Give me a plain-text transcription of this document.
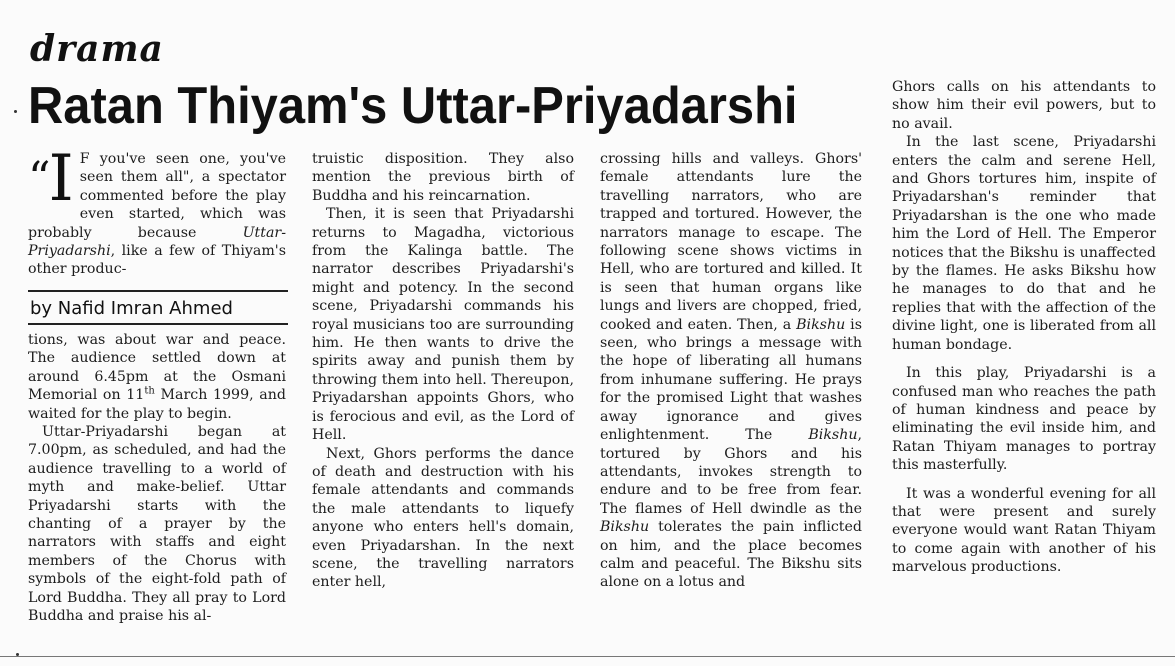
drama
Ratan Thiyam's Uttar-Priyadarshi
“I F you've seen one, you've seen them all", a spectator commented before the play even started, which was probably because Uttar-Priyadarshi, like a few of Thiyam's other produc-
by Nafid Imran Ahmed

tions, was about war and peace. The audience settled down at around 6.45pm at the Osmani Memorial on 11th March 1999, and waited for the play to begin.

Uttar-Priyadarshi began at 7.00pm, as scheduled, and had the audience travelling to a world of myth and make-belief. Uttar Priyadarshi starts with the chanting of a prayer by the narrators with staffs and eight members of the Chorus with symbols of the eight-fold path of Lord Buddha. They all pray to Lord Buddha and praise his al-

truistic disposition. They also mention the previous birth of Buddha and his reincarnation.

Then, it is seen that Priyadarshi returns to Magadha, victorious from the Kalinga battle. The narrator describes Priyadarshi's might and potency. In the second scene, Priyadarshi commands his royal musicians too are surrounding him. He then wants to drive the spirits away and punish them by throwing them into hell. Thereupon, Priyadarshan appoints Ghors, who is ferocious and evil, as the Lord of Hell.

Next, Ghors performs the dance of death and destruction with his female attendants and commands the male attendants to liquefy anyone who enters hell's domain, even Priyadarshan. In the next scene, the travelling narrators enter hell,

crossing hills and valleys. Ghors' female attendants lure the travelling narrators, who are trapped and tortured. However, the narrators manage to escape. The following scene shows victims in Hell, who are tortured and killed. It is seen that human organs like lungs and livers are chopped, fried, cooked and eaten. Then, a Bikshu is seen, who brings a message with the hope of liberating all humans from inhumane suffering. He prays for the promised Light that washes away ignorance and gives enlightenment. The Bikshu, tortured by Ghors and his attendants, invokes strength to endure and to be free from fear. The flames of Hell dwindle as the Bikshu tolerates the pain inflicted on him, and the place becomes calm and peaceful. The Bikshu sits alone on a lotus and

Ghors calls on his attendants to show him their evil powers, but to no avail.

In the last scene, Priyadarshi enters the calm and serene Hell, and Ghors tortures him, inspite of Priyadarshan's reminder that Priyadarshan is the one who made him the Lord of Hell. The Emperor notices that the Bikshu is unaffected by the flames. He asks Bikshu how he manages to do that and he replies that with the affection of the divine light, one is liberated from all human bondage.

In this play, Priyadarshi is a confused man who reaches the path of human kindness and peace by eliminating the evil inside him, and Ratan Thiyam manages to portray this masterfully.

It was a wonderful evening for all that were present and surely everyone would want Ratan Thiyam to come again with another of his marvelous productions.
